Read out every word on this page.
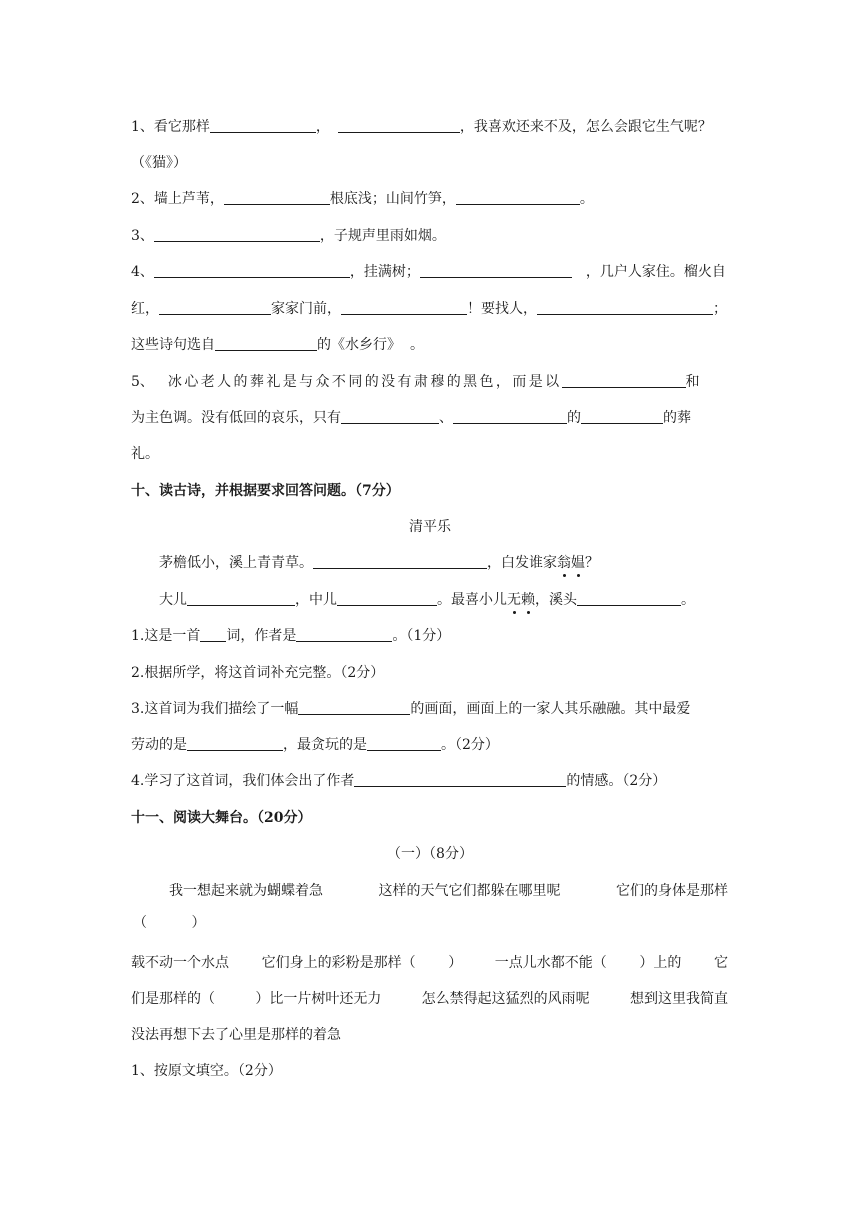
1、看它那样	，	，我喜欢还来不及，怎么会跟它生气呢？
（《猫》）
2、墙上芦苇，	根底浅；山间竹笋，	。
3、	，子规声里雨如烟。
4、	，挂满树；	，几户人家住。榴火自
红，	家家门前，	！要找人，	；
这些诗句选自	的《水乡行》 。
5、 冰心老人的葬礼是与众不同的没有肃穆的黑色，而是以	和
为主色调。没有低回的哀乐，只有	、	的	的葬
礼。
十、读古诗，并根据要求回答问题。（7分）
清平乐
茅檐低小，溪上青青草。	，白发谁家翁媪？
大儿	，中儿	。最喜小儿无赖，溪头	。
1.这是一首 词，作者是	。（1分）
2.根据所学，将这首词补充完整。（2分）
3.这首词为我们描绘了一幅	的画面，画面上的一家人其乐融融。其中最爱
劳动的是	，最贪玩的是	。（2分）
4.学习了这首词，我们体会出了作者	的情感。（2分）
十一、阅读大舞台。（20分）
（一）（8分）
我一想起来就为蝴蝶着急	这样的天气它们都躲在哪里呢	它们的身体是那样
（          ）
载不动一个水点 它们身上的彩粉是那样（ ） 一点儿水都不能（ ）上的 它
们是那样的（	）比一片树叶还无力	怎么禁得起这猛烈的风雨呢	想到这里我简直
没法再想下去了心里是那样的着急
1、按原文填空。（2分）
